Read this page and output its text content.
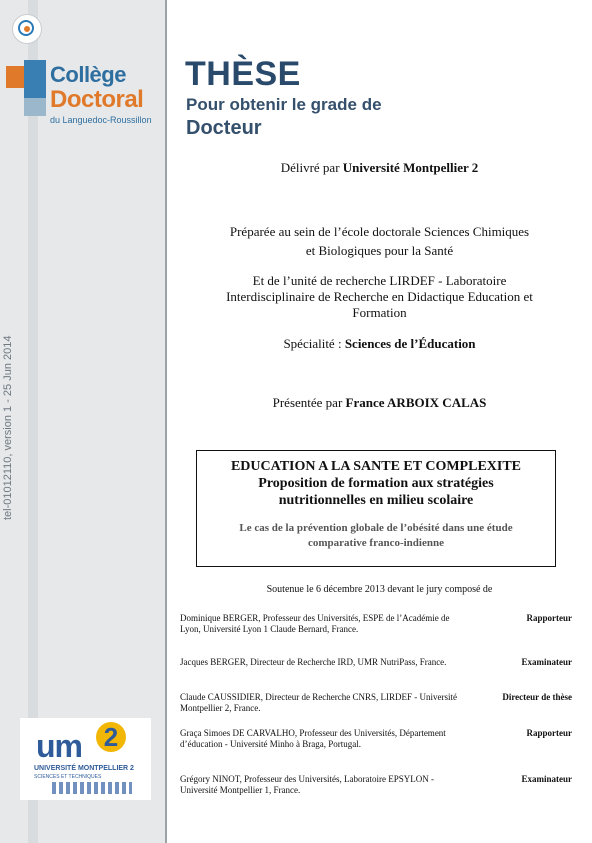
Collège
Doctoral
du Languedoc-Roussillon
um 2
UNIVERSITÉ MONTPELLIER 2
SCIENCES ET TECHNIQUES
THÈSE
Pour obtenir le grade de
Docteur
Délivré par Université Montpellier 2
Préparée au sein de l’école doctorale Sciences Chimiques
et Biologiques pour la Santé
Et de l’unité de recherche LIRDEF - Laboratoire
Interdisciplinaire de Recherche en Didactique Education et
Formation
Spécialité : Sciences de l’Éducation
Présentée par France ARBOIX CALAS
EDUCATION A LA SANTE ET COMPLEXITE
Proposition de formation aux stratégies nutritionnelles en milieu scolaire
Le cas de la prévention globale de l’obésité dans une étude comparative franco-indienne
Soutenue le 6 décembre 2013 devant le jury composé de
Dominique BERGER, Professeur des Universités, ESPE de l’Académie de Lyon, Université Lyon 1 Claude Bernard, France.
Rapporteur
Jacques BERGER, Directeur de Recherche IRD, UMR NutriPass, France.	Examinateur
Claude CAUSSIDIER, Directeur de Recherche CNRS, LIRDEF - Université Montpellier 2, France.
Directeur de thèse
Graça Simoes DE CARVALHO, Professeur des Universités, Département d’éducation - Université Minho à Braga, Portugal.
Rapporteur
Grégory NINOT, Professeur des Universités, Laboratoire EPSYLON - Université Montpellier 1, France.
Examinateur
